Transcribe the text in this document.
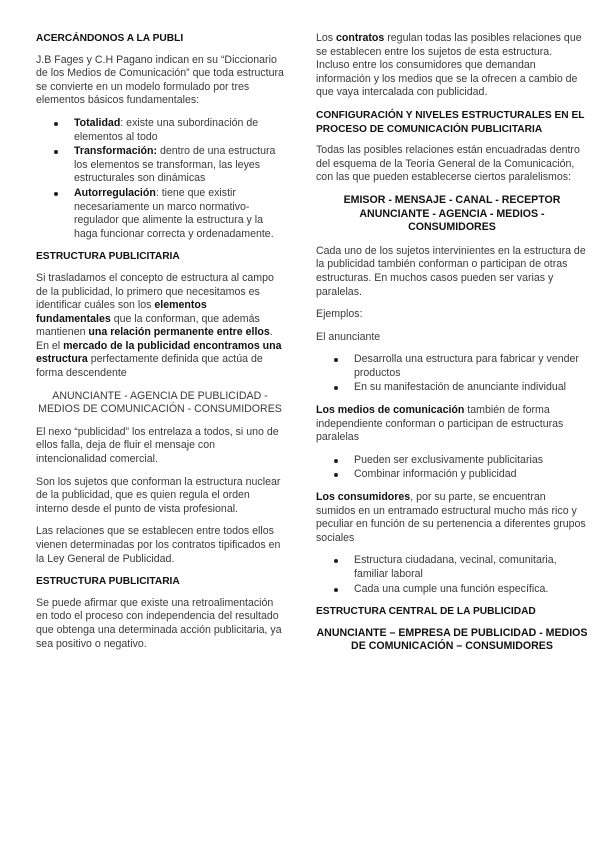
ACERCÁNDONOS A LA PUBLI

J.B Fages y C.H Pagano indican en su “Diccionario de los Medios de Comunicación” que toda estructura se convierte en un modelo formulado por tres elementos básicos fundamentales:

Totalidad: existe una subordinación de elementos al todo
Transformación: dentro de una estructura los elementos se transforman, las leyes estructurales son dinámicas
Autorregulación: tiene que existir necesariamente un marco normativo-regulador que alimente la estructura y la haga funcionar correcta y ordenadamente.
ESTRUCTURA PUBLICITARIA

Si trasladamos el concepto de estructura al campo de la publicidad, lo primero que necesitamos es identificar cuáles son los elementos fundamentales que la conforman, que además mantienen una relación permanente entre ellos. En el mercado de la publicidad encontramos una estructura perfectamente definida que actúa de forma descendente

ANUNCIANTE - AGENCIA DE PUBLICIDAD - MEDIOS DE COMUNICACIÓN - CONSUMIDORES

El nexo “publicidad” los entrelaza a todos, si uno de ellos falla, deja de fluir el mensaje con intencionalidad comercial.

Son los sujetos que conforman la estructura nuclear de la publicidad, que es quien regula el orden interno desde el punto de vista profesional.

Las relaciones que se establecen entre todos ellos vienen determinadas por los contratos tipificados en la Ley General de Publicidad.

ESTRUCTURA PUBLICITARIA

Se puede afirmar que existe una retroalimentación en todo el proceso con independencia del resultado que obtenga una determinada acción publicitaria, ya sea positivo o negativo.

Los contratos regulan todas las posibles relaciones que se establecen entre los sujetos de esta estructura. Incluso entre los consumidores que demandan información y los medios que se la ofrecen a cambio de que vaya intercalada con publicidad.

CONFIGURACIÓN Y NIVELES ESTRUCTURALES EN EL PROCESO DE COMUNICACIÓN PUBLICITARIA

Todas las posibles relaciones están encuadradas dentro del esquema de la Teoría General de la Comunicación, con las que pueden establecerse ciertos paralelismos:

EMISOR - MENSAJE - CANAL - RECEPTOR ANUNCIANTE - AGENCIA - MEDIOS - CONSUMIDORES

Cada uno de los sujetos intervinientes en la estructura de la publicidad también conforman o participan de otras estructuras. En muchos casos pueden ser varias y paralelas.

Ejemplos:

El anunciante

Desarrolla una estructura para fabricar y vender productos
En su manifestación de anunciante individual

Los medios de comunicación también de forma independiente conforman o participan de estructuras paralelas

Pueden ser exclusivamente publicitarias
Combinar información y publicidad

Los consumidores, por su parte, se encuentran sumidos en un entramado estructural mucho más rico y peculiar en función de su pertenencia a diferentes grupos sociales

Estructura ciudadana, vecinal, comunitaria, familiar laboral
Cada una cumple una función específica.
ESTRUCTURA CENTRAL DE LA PUBLICIDAD

ANUNCIANTE – EMPRESA DE PUBLICIDAD - MEDIOS DE COMUNICACIÓN – CONSUMIDORES
